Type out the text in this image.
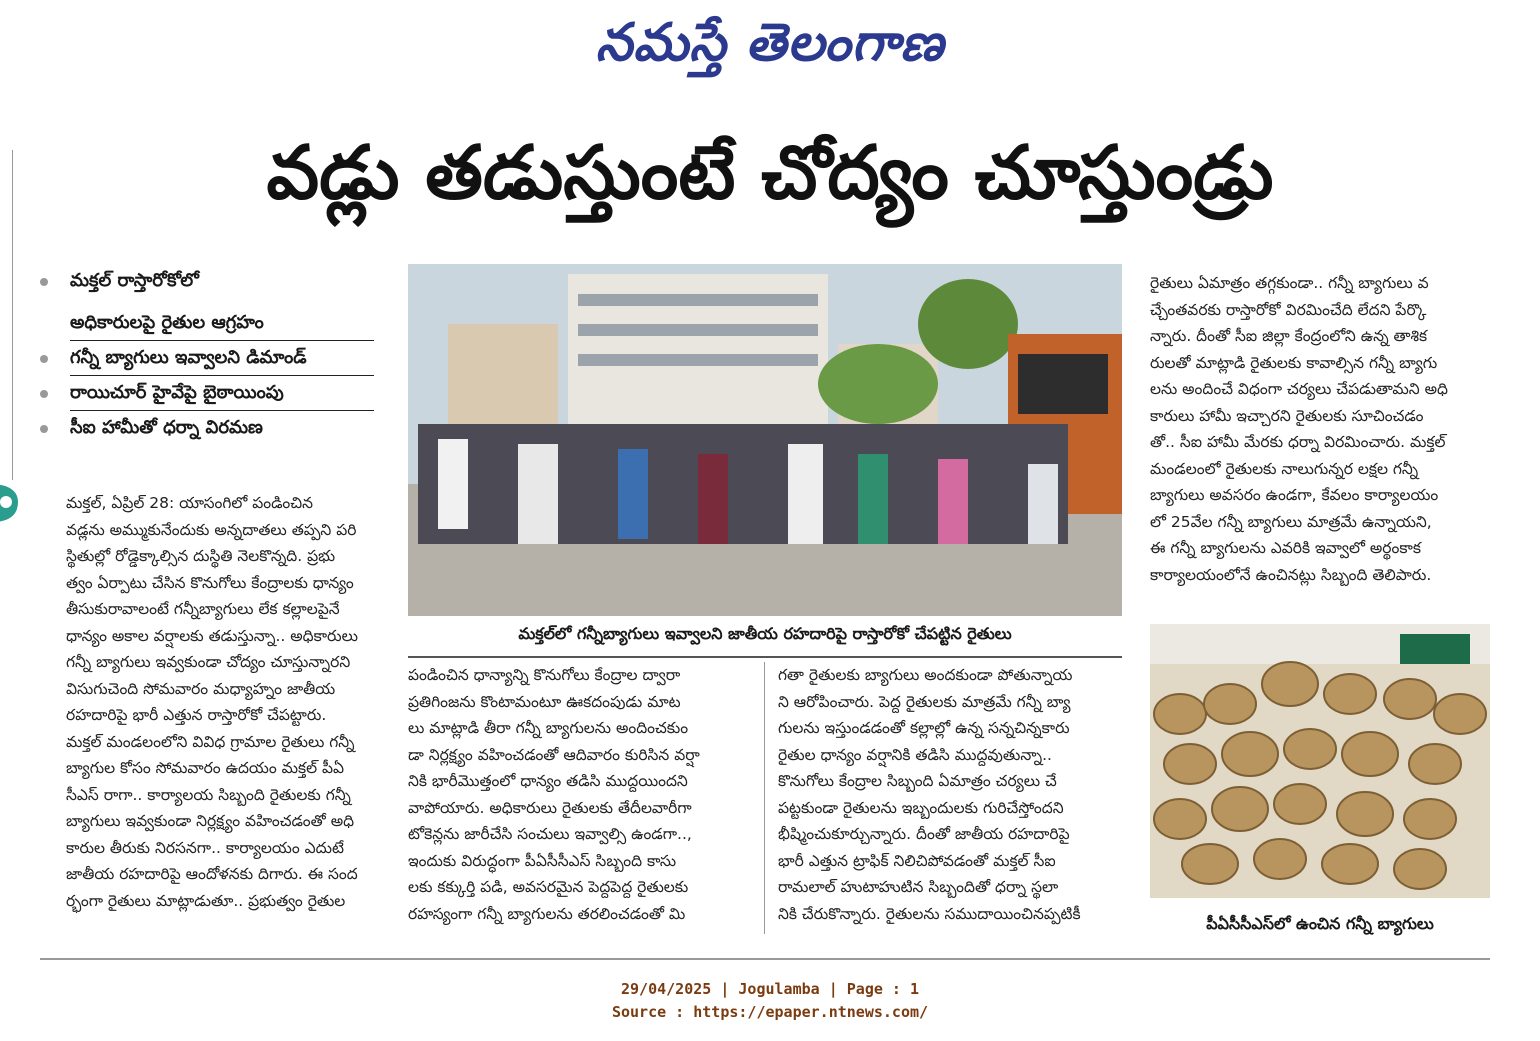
నమస్తే తెలంగాణ
వడ్లు తడుస్తుంటే చోద్యం చూస్తుండ్రు
మక్తల్ రాస్తారోకోలో
అధికారులపై రైతుల ఆగ్రహం
గన్నీ బ్యాగులు ఇవ్వాలని డిమాండ్
రాయిచూర్ హైవేపై బైఠాయింపు
సీఐ హామీతో ధర్నా విరమణ

మక్తల్, ఏప్రిల్ 28: యాసంగిలో పండించిన

వడ్లను అమ్ముకునేందుకు అన్నదాతలు తప్పని పరి

స్థితుల్లో రోడ్డెక్కాల్సిన దుస్థితి నెలకొన్నది. ప్రభు

త్వం ఏర్పాటు చేసిన కొనుగోలు కేంద్రాలకు ధాన్యం

తీసుకురావాలంటే గన్నీబ్యాగులు లేక కల్లాలపైనే

ధాన్యం అకాల వర్షాలకు తడుస్తున్నా.. అధికారులు

గన్నీ బ్యాగులు ఇవ్వకుండా చోద్యం చూస్తున్నారని

విసుగుచెంది సోమవారం మధ్యాహ్నం జాతీయ

రహదారిపై భారీ ఎత్తున రాస్తారోకో చేపట్టారు.

మక్తల్ మండలంలోని వివిధ గ్రామాల రైతులు గన్నీ

బ్యాగుల కోసం సోమవారం ఉదయం మక్తల్ పీఏ

సీఎస్ రాగా.. కార్యాలయ సిబ్బంది రైతులకు గన్నీ

బ్యాగులు ఇవ్వకుండా నిర్లక్ష్యం వహించడంతో అధి

కారుల తీరుకు నిరసనగా.. కార్యాలయం ఎదుటే

జాతీయ రహదారిపై ఆందోళనకు దిగారు. ఈ సంద

ర్భంగా రైతులు మాట్లాడుతూ.. ప్రభుత్వం రైతుల

మక్తల్‌లో గన్నీబ్యాగులు ఇవ్వాలని జాతీయ రహదారిపై రాస్తారోకో చేపట్టిన రైతులు

పండించిన ధాన్యాన్ని కొనుగోలు కేంద్రాల ద్వారా

ప్రతిగింజను కొంటామంటూ ఊకదంపుడు మాట

లు మాట్లాడి తీరా గన్నీ బ్యాగులను అందించకుం

డా నిర్లక్ష్యం వహించడంతో ఆదివారం కురిసిన వర్షా

నికి భారీమొత్తంలో ధాన్యం తడిసి ముద్దయిందని

వాపోయారు. అధికారులు రైతులకు తేదీలవారీగా

టోకెన్లను జారీచేసి సంచులు ఇవ్వాల్సి ఉండగా..,

ఇందుకు విరుద్ధంగా పీఏసీసీఎస్ సిబ్బంది కాసు

లకు కక్కుర్తి పడి, అవసరమైన పెద్దపెద్ద రైతులకు

రహస్యంగా గన్నీ బ్యాగులను తరలించడంతో మి

గతా రైతులకు బ్యాగులు అందకుండా పోతున్నాయ

ని ఆరోపించారు. పెద్ద రైతులకు మాత్రమే గన్నీ బ్యా

గులను ఇస్తుండడంతో కల్లాల్లో ఉన్న సన్నచిన్నకారు

రైతుల ధాన్యం వర్షానికి తడిసి ముద్దవుతున్నా..

కొనుగోలు కేంద్రాల సిబ్బంది ఏమాత్రం చర్యలు చే

పట్టకుండా రైతులను ఇబ్బందులకు గురిచేస్తోందని

భీష్మించుకూర్చున్నారు. దీంతో జాతీయ రహదారిపై

భారీ ఎత్తున ట్రాఫిక్ నిలిచిపోవడంతో మక్తల్ సీఐ

రామలాల్ హుటాహుటిన సిబ్బందితో ధర్నా స్థలా

నికి చేరుకొన్నారు. రైతులను సముదాయించినప్పటికీ

రైతులు ఏమాత్రం తగ్గకుండా.. గన్నీ బ్యాగులు వ

చ్చేంతవరకు రాస్తారోకో విరమించేది లేదని పేర్కొ

న్నారు. దీంతో సీఐ జిల్లా కేంద్రంలోని ఉన్న తాశిక

రులతో మాట్లాడి రైతులకు కావాల్సిన గన్నీ బ్యాగు

లను అందించే విధంగా చర్యలు చేపడుతామని అధి

కారులు హామీ ఇచ్చారని రైతులకు సూచించడం

తో.. సీఐ హామీ మేరకు ధర్నా విరమించారు. మక్తల్

మండలంలో రైతులకు నాలుగున్నర లక్షల గన్నీ

బ్యాగులు అవసరం ఉండగా, కేవలం కార్యాలయం

లో 25వేల గన్నీ బ్యాగులు మాత్రమే ఉన్నాయని,

ఈ గన్నీ బ్యాగులను ఎవరికి ఇవ్వాలో అర్థంకాక

కార్యాలయంలోనే ఉంచినట్లు సిబ్బంది తెలిపారు.

పీఏసీసీఎస్‌లో ఉంచిన గన్నీ బ్యాగులు
29/04/2025 | Jogulamba | Page : 1
Source : https://epaper.ntnews.com/
